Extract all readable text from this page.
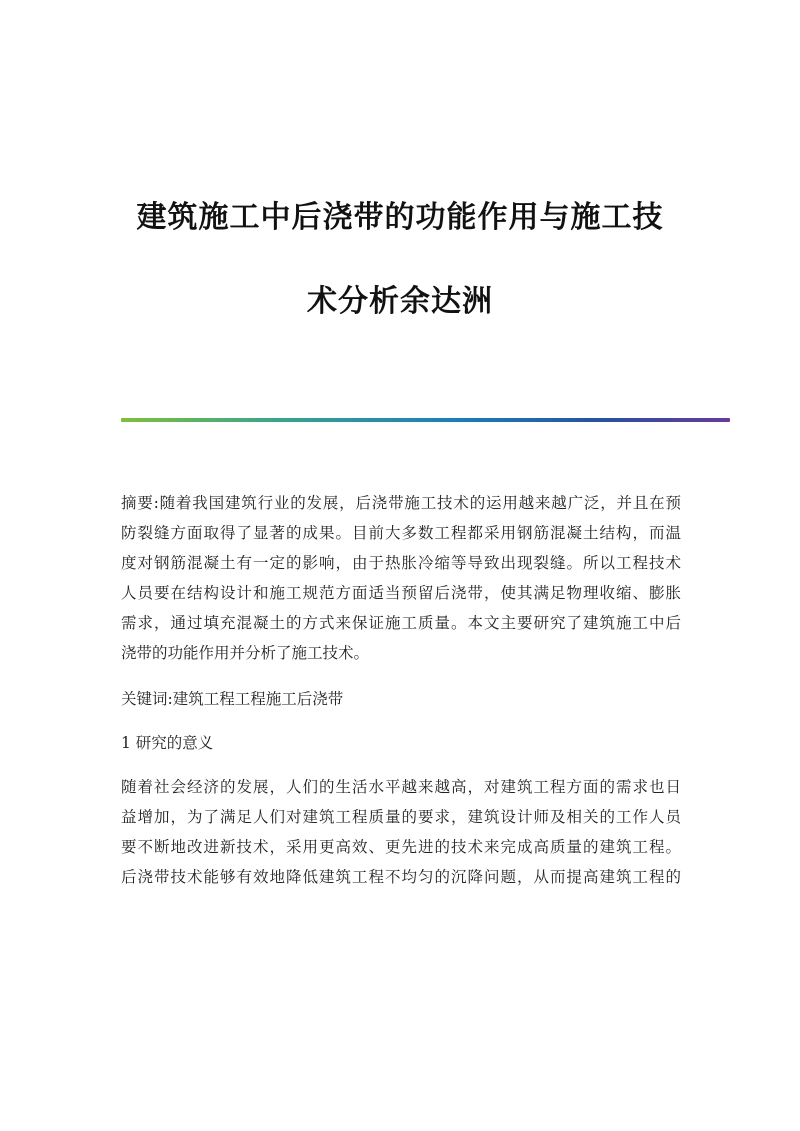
建筑施工中后浇带的功能作用与施工技
术分析余达洲

摘要:随着我国建筑行业的发展，后浇带施工技术的运用越来越广泛，并且在预
防裂缝方面取得了显著的成果。目前大多数工程都采用钢筋混凝土结构，而温
度对钢筋混凝土有一定的影响，由于热胀冷缩等导致出现裂缝。所以工程技术
人员要在结构设计和施工规范方面适当预留后浇带，使其满足物理收缩、膨胀
需求，通过填充混凝土的方式来保证施工质量。本文主要研究了建筑施工中后
浇带的功能作用并分析了施工技术。

关键词:建筑工程工程施工后浇带

1 研究的意义

随着社会经济的发展，人们的生活水平越来越高，对建筑工程方面的需求也日
益增加，为了满足人们对建筑工程质量的要求，建筑设计师及相关的工作人员
要不断地改进新技术，采用更高效、更先进的技术来完成高质量的建筑工程。
后浇带技术能够有效地降低建筑工程不均匀的沉降问题，从而提高建筑工程的
